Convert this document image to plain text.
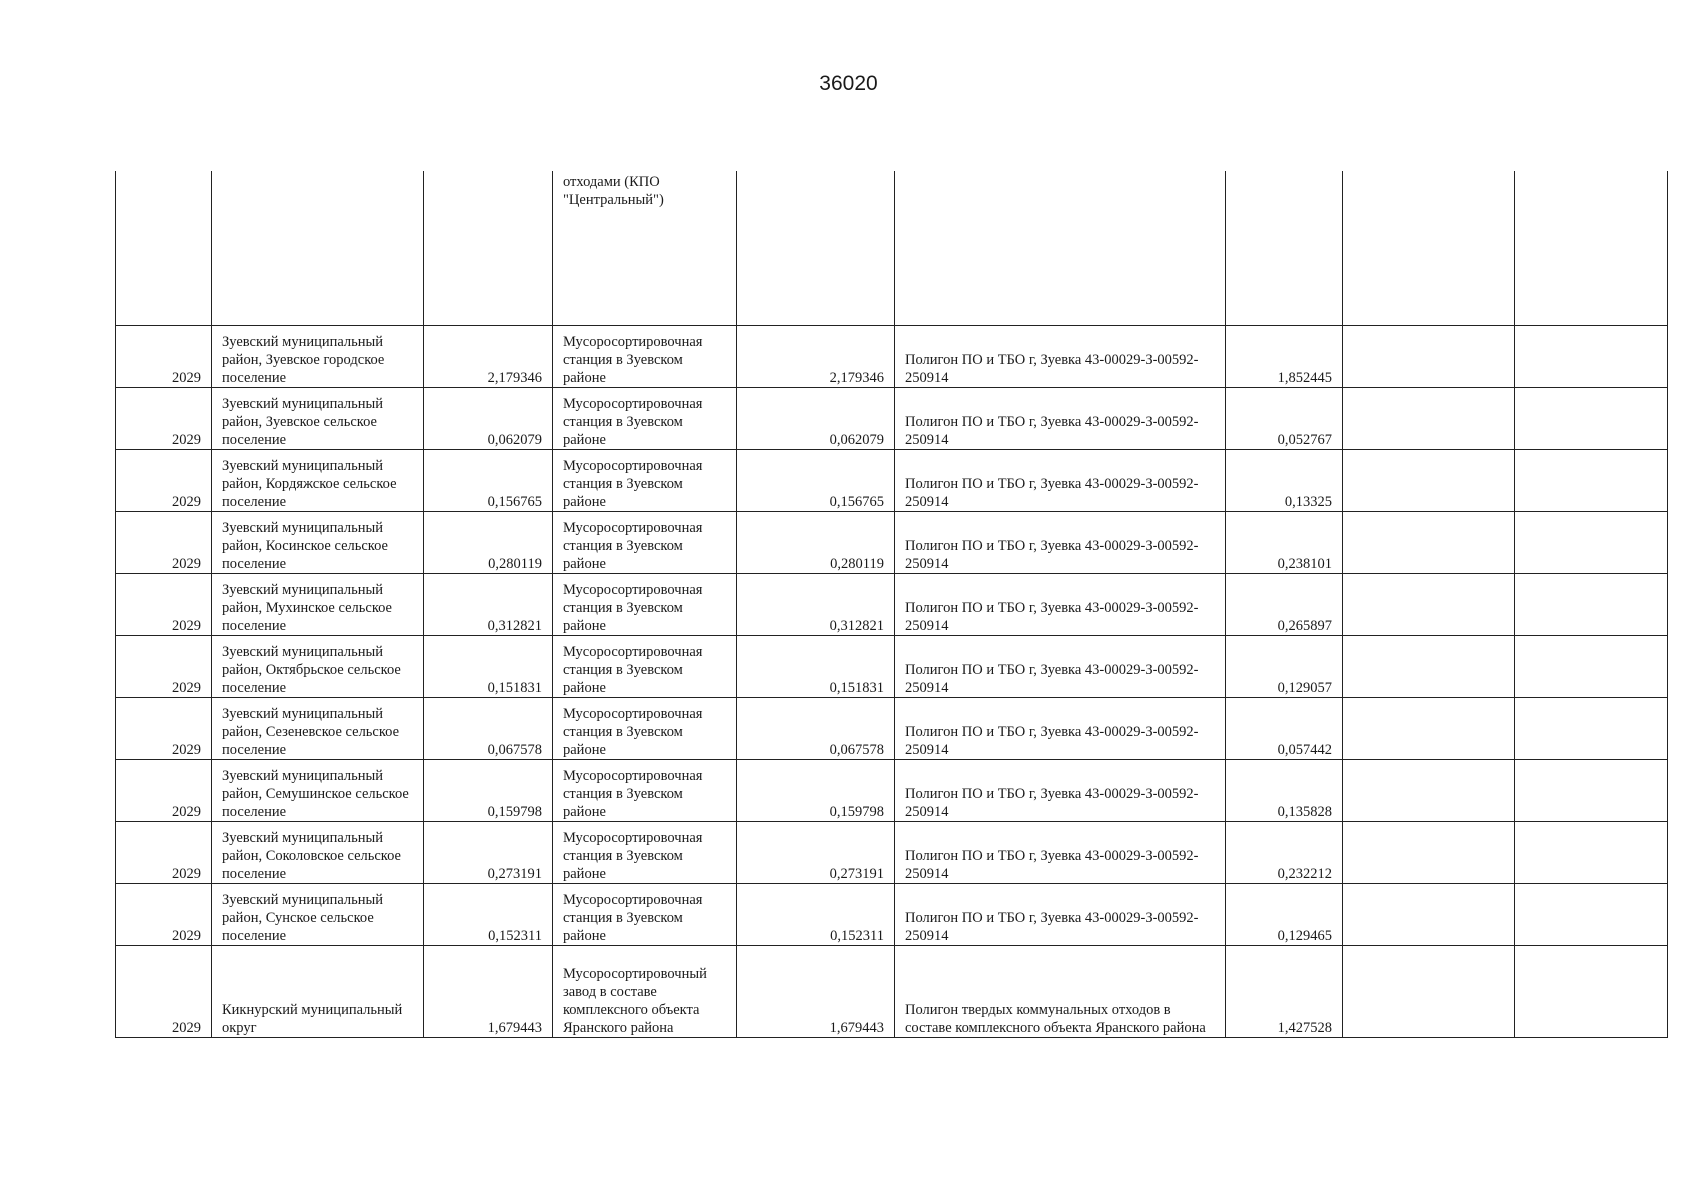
36020
			отходами (КПО "Центральный")					
2029	Зуевский муниципальный район, Зуевское городское поселение	2,179346	Мусоросортировочная станция в Зуевском районе	2,179346	Полигон ПО и ТБО г, Зуевка 43-00029-З-00592-250914	1,852445		
2029	Зуевский муниципальный район, Зуевское сельское поселение	0,062079	Мусоросортировочная станция в Зуевском районе	0,062079	Полигон ПО и ТБО г, Зуевка 43-00029-З-00592-250914	0,052767		
2029	Зуевский муниципальный район, Кордяжское сельское поселение	0,156765	Мусоросортировочная станция в Зуевском районе	0,156765	Полигон ПО и ТБО г, Зуевка 43-00029-З-00592-250914	0,13325		
2029	Зуевский муниципальный район, Косинское сельское поселение	0,280119	Мусоросортировочная станция в Зуевском районе	0,280119	Полигон ПО и ТБО г, Зуевка 43-00029-З-00592-250914	0,238101		
2029	Зуевский муниципальный район, Мухинское сельское поселение	0,312821	Мусоросортировочная станция в Зуевском районе	0,312821	Полигон ПО и ТБО г, Зуевка 43-00029-З-00592-250914	0,265897		
2029	Зуевский муниципальный район, Октябрьское сельское поселение	0,151831	Мусоросортировочная станция в Зуевском районе	0,151831	Полигон ПО и ТБО г, Зуевка 43-00029-З-00592-250914	0,129057		
2029	Зуевский муниципальный район, Сезеневское сельское поселение	0,067578	Мусоросортировочная станция в Зуевском районе	0,067578	Полигон ПО и ТБО г, Зуевка 43-00029-З-00592-250914	0,057442		
2029	Зуевский муниципальный район, Семушинское сельское поселение	0,159798	Мусоросортировочная станция в Зуевском районе	0,159798	Полигон ПО и ТБО г, Зуевка 43-00029-З-00592-250914	0,135828		
2029	Зуевский муниципальный район, Соколовское сельское поселение	0,273191	Мусоросортировочная станция в Зуевском районе	0,273191	Полигон ПО и ТБО г, Зуевка 43-00029-З-00592-250914	0,232212		
2029	Зуевский муниципальный район, Сунское сельское поселение	0,152311	Мусоросортировочная станция в Зуевском районе	0,152311	Полигон ПО и ТБО г, Зуевка 43-00029-З-00592-250914	0,129465		
2029	Кикнурский муниципальный округ	1,679443	Мусоросортировочный завод в составе комплексного объекта Яранского района	1,679443	Полигон твердых коммунальных отходов в составе комплексного объекта Яранского района	1,427528		
